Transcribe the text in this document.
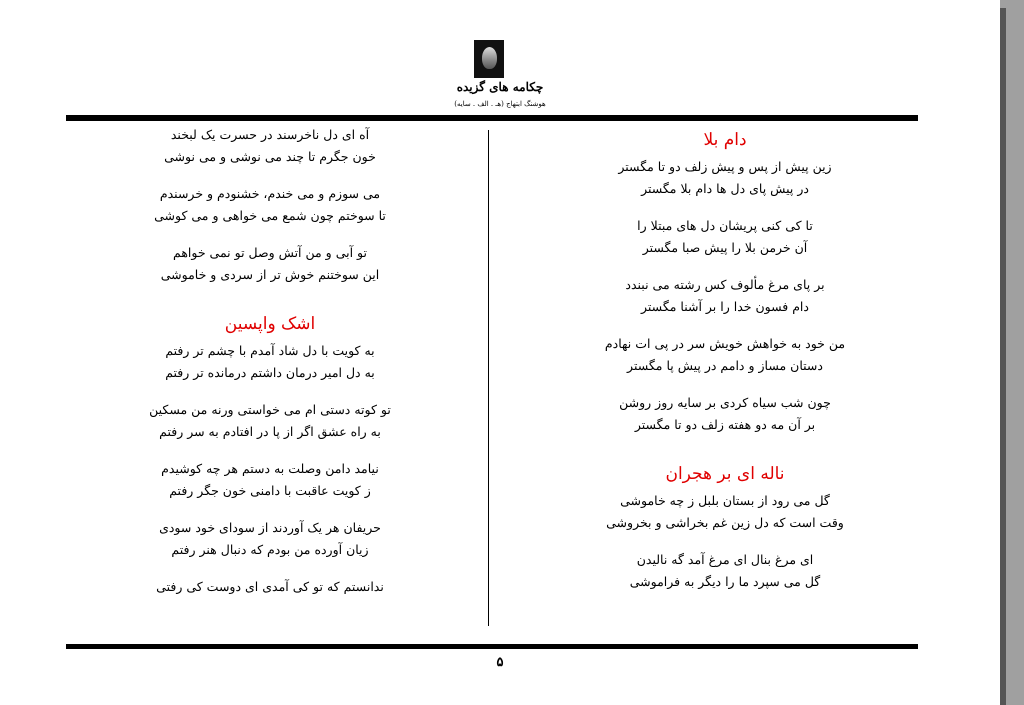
چکامه های گزیده
هوشنگ ابتهاج (هـ . الف . سایه)
دام بلا
زین پیش از پس و پیش زلف دو تا مگستر
در پیش پای دل ها دام بلا مگستر
تا کی کنی پریشان دل های مبتلا را
آن خرمن بلا را پیش صبا مگستر
بر پای مرغ مألوف کس رشته می نبندد
دام فسون خدا را بر آشنا مگستر
من خود به خواهش خویش سر در پی ات نهادم
دستان مساز و دامم در پیش پا مگستر
چون شب سیاه کردی بر سایه روز روشن
بر آن مه دو هفته زلف دو تا مگستر
ناله ای بر هجران
گل می رود از بستان بلبل ز چه خاموشی
وقت است که دل زین غم بخراشی و بخروشی
ای مرغ بنال ای مرغ آمد گه نالیدن
گل می سپرد ما را دیگر به فراموشی
آه ای دل ناخرسند در حسرت یک لبخند
خون جگرم تا چند می نوشی و می نوشی
می سوزم و می خندم، خشنودم و خرسندم
تا سوختم چون شمع می خواهی و می کوشی
تو آبی و من آتش وصل تو نمی خواهم
این سوختنم خوش تر از سردی و خاموشی
اشک واپسین
به کویت با دل شاد آمدم با چشم تر رفتم
به دل امیر درمان داشتم درمانده تر رفتم
تو کوته دستی ام می خواستی ورنه من مسکین
به راه عشق اگر از پا در افتادم به سر رفتم
نیامد دامن وصلت به دستم هر چه کوشیدم
ز کویت عاقبت با دامنی خون جگر رفتم
حریفان هر یک آوردند از سودای خود سودی
زیان آورده من بودم که دنبال هنر رفتم
ندانستم که تو کی آمدی ای دوست کی رفتی
۵
